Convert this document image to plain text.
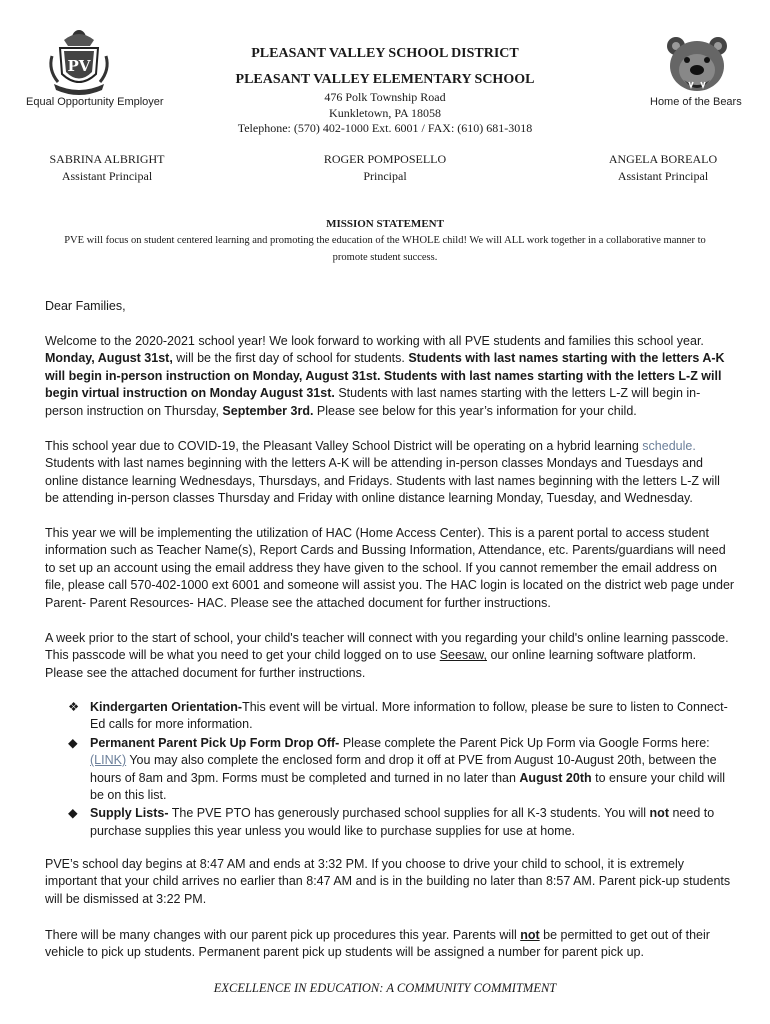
PV
Equal Opportunity Employer	Home of the Bears
PLEASANT VALLEY SCHOOL DISTRICT
PLEASANT VALLEY ELEMENTARY SCHOOL
476 Polk Township Road
Kunkletown, PA 18058
Telephone: (570) 402-1000 Ext. 6001 / FAX: (610) 681-3018
SABRINA ALBRIGHT
Assistant Principal
ROGER POMPOSELLO
Principal
ANGELA BOREALO
Assistant Principal
MISSION STATEMENT
PVE will focus on student centered learning and promoting the education of the WHOLE child! We will ALL work together in a collaborative manner to promote student success.
Dear Families,
Welcome to the 2020-2021 school year! We look forward to working with all PVE students and families this school year. Monday, August 31st, will be the first day of school for students. Students with last names starting with the letters A-K will begin in-person instruction on Monday, August 31st. Students with last names starting with the letters L-Z will begin virtual instruction on Monday August 31st. Students with last names starting with the letters L-Z will begin in-person instruction on Thursday, September 3rd. Please see below for this year’s information for your child.
This school year due to COVID-19, the Pleasant Valley School District will be operating on a hybrid learning schedule. Students with last names beginning with the letters A-K will be attending in-person classes Mondays and Tuesdays and online distance learning Wednesdays, Thursdays, and Fridays. Students with last names beginning with the letters L-Z will be attending in-person classes Thursday and Friday with online distance learning Monday, Tuesday, and Wednesday.
This year we will be implementing the utilization of HAC (Home Access Center). This is a parent portal to access student information such as Teacher Name(s), Report Cards and Bussing Information, Attendance, etc. Parents/guardians will need to set up an account using the email address they have given to the school. If you cannot remember the email address on file, please call 570-402-1000 ext 6001 and someone will assist you. The HAC login is located on the district web page under Parent- Parent Resources- HAC. Please see the attached document for further instructions.
A week prior to the start of school, your child's teacher will connect with you regarding your child's online learning passcode. This passcode will be what you need to get your child logged on to use Seesaw, our online learning software platform. Please see the attached document for further instructions.
❖ Kindergarten Orientation-This event will be virtual. More information to follow, please be sure to listen to Connect-Ed calls for more information.
◆ Permanent Parent Pick Up Form Drop Off- Please complete the Parent Pick Up Form via Google Forms here: (LINK) You may also complete the enclosed form and drop it off at PVE from August 10-August 20th, between the hours of 8am and 3pm. Forms must be completed and turned in no later than August 20th to ensure your child will be on this list.
◆ Supply Lists- The PVE PTO has generously purchased school supplies for all K-3 students. You will not need to purchase supplies this year unless you would like to purchase supplies for use at home.
PVE’s school day begins at 8:47 AM and ends at 3:32 PM. If you choose to drive your child to school, it is extremely important that your child arrives no earlier than 8:47 AM and is in the building no later than 8:57 AM. Parent pick-up students will be dismissed at 3:22 PM.
There will be many changes with our parent pick up procedures this year. Parents will not be permitted to get out of their vehicle to pick up students. Permanent parent pick up students will be assigned a number for parent pick up.
EXCELLENCE IN EDUCATION: A COMMUNITY COMMITMENT
